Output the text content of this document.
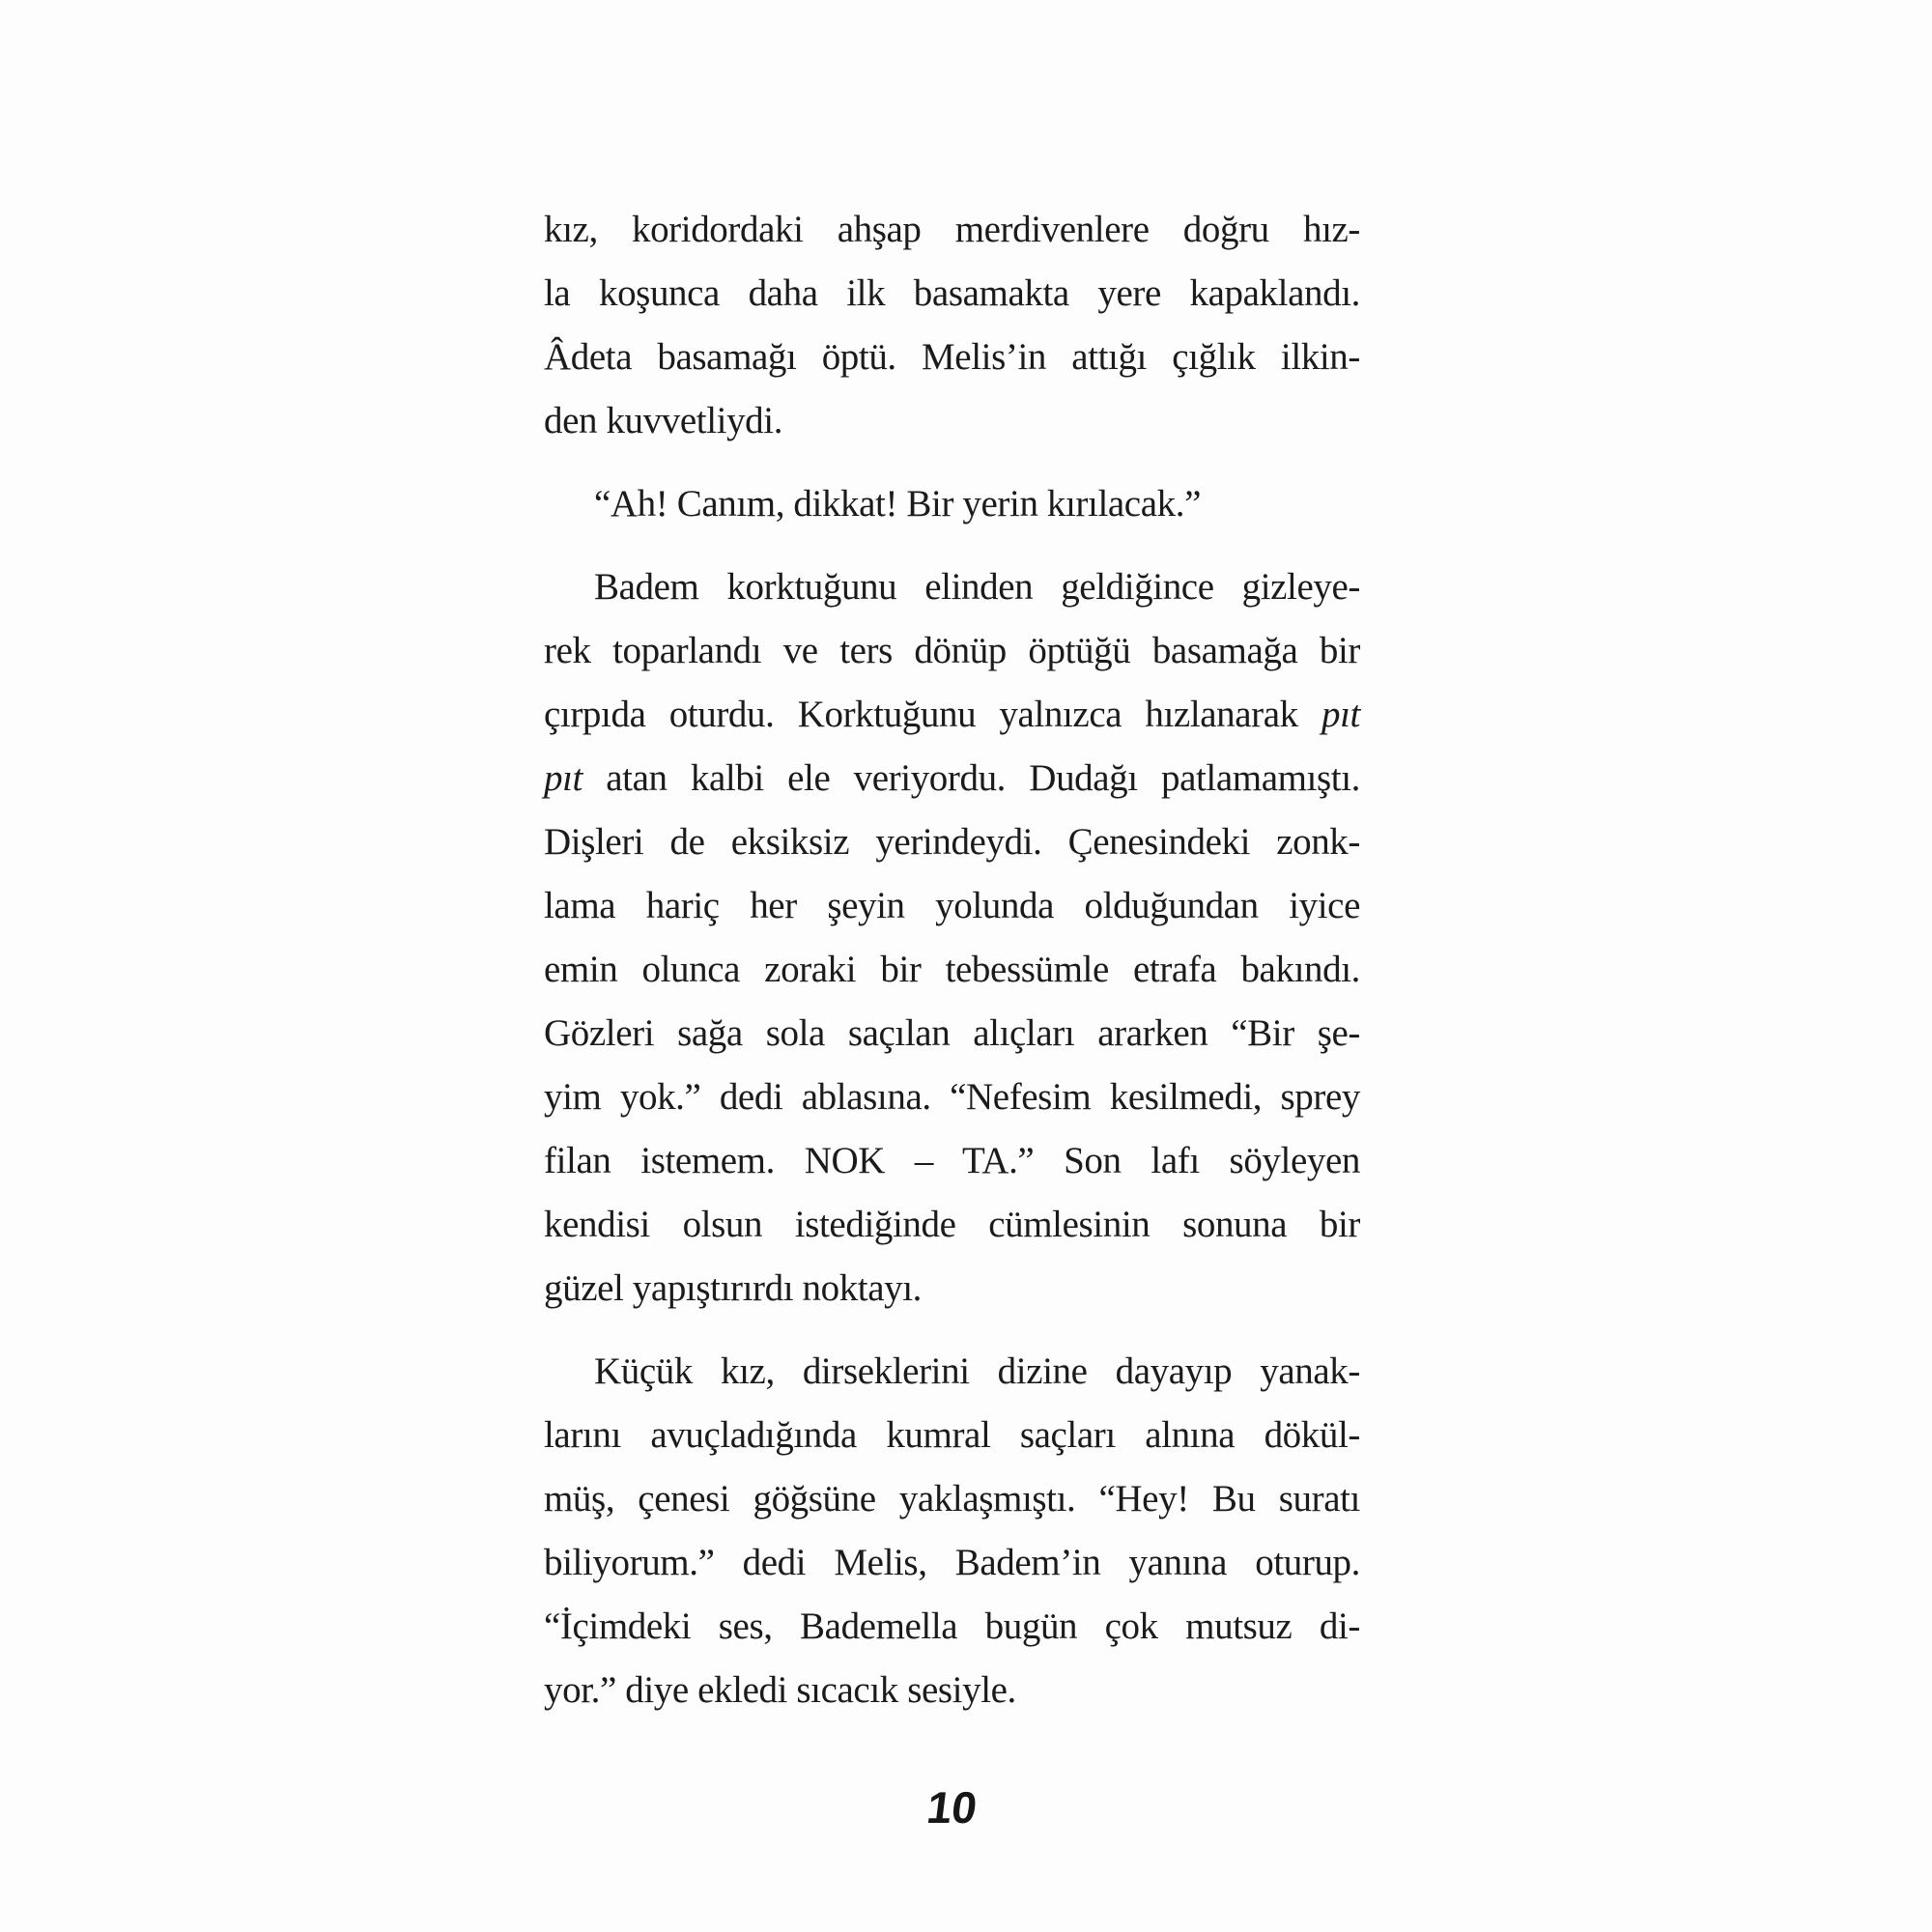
kız, koridordaki ahşap merdivenlere doğru hız-
la koşunca daha ilk basamakta yere kapaklandı.
Âdeta basamağı öptü. Melis’in attığı çığlık ilkin-
den kuvvetliydi.
“Ah! Canım, dikkat! Bir yerin kırılacak.”
Badem korktuğunu elinden geldiğince gizleye-
rek toparlandı ve ters dönüp öptüğü basamağa bir
çırpıda oturdu. Korktuğunu yalnızca hızlanarak pıt
pıt atan kalbi ele veriyordu. Dudağı patlamamıştı.
Dişleri de eksiksiz yerindeydi. Çenesindeki zonk-
lama hariç her şeyin yolunda olduğundan iyice
emin olunca zoraki bir tebessümle etrafa bakındı.
Gözleri sağa sola saçılan alıçları ararken “Bir şe-
yim yok.” dedi ablasına. “Nefesim kesilmedi, sprey
filan istemem. NOK – TA.” Son lafı söyleyen
kendisi olsun istediğinde cümlesinin sonuna bir
güzel yapıştırırdı noktayı.
Küçük kız, dirseklerini dizine dayayıp yanak-
larını avuçladığında kumral saçları alnına dökül-
müş, çenesi göğsüne yaklaşmıştı. “Hey! Bu suratı
biliyorum.” dedi Melis, Badem’in yanına oturup.
“İçimdeki ses, Bademella bugün çok mutsuz di-
yor.” diye ekledi sıcacık sesiyle.
10
